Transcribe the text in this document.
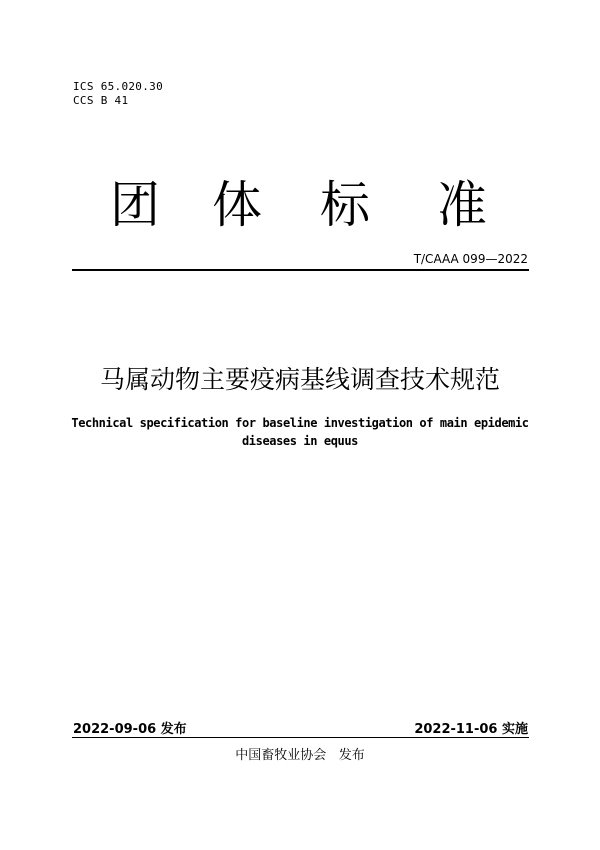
ICS 65.020.30
CCS B 41
团 体 标 准
T/CAAA 099—2022
马属动物主要疫病基线调查技术规范
Technical specification for baseline investigation of main epidemic
diseases in equus
2022-09-06 发布	2022-11-06 实施
中国畜牧业协会   发布
